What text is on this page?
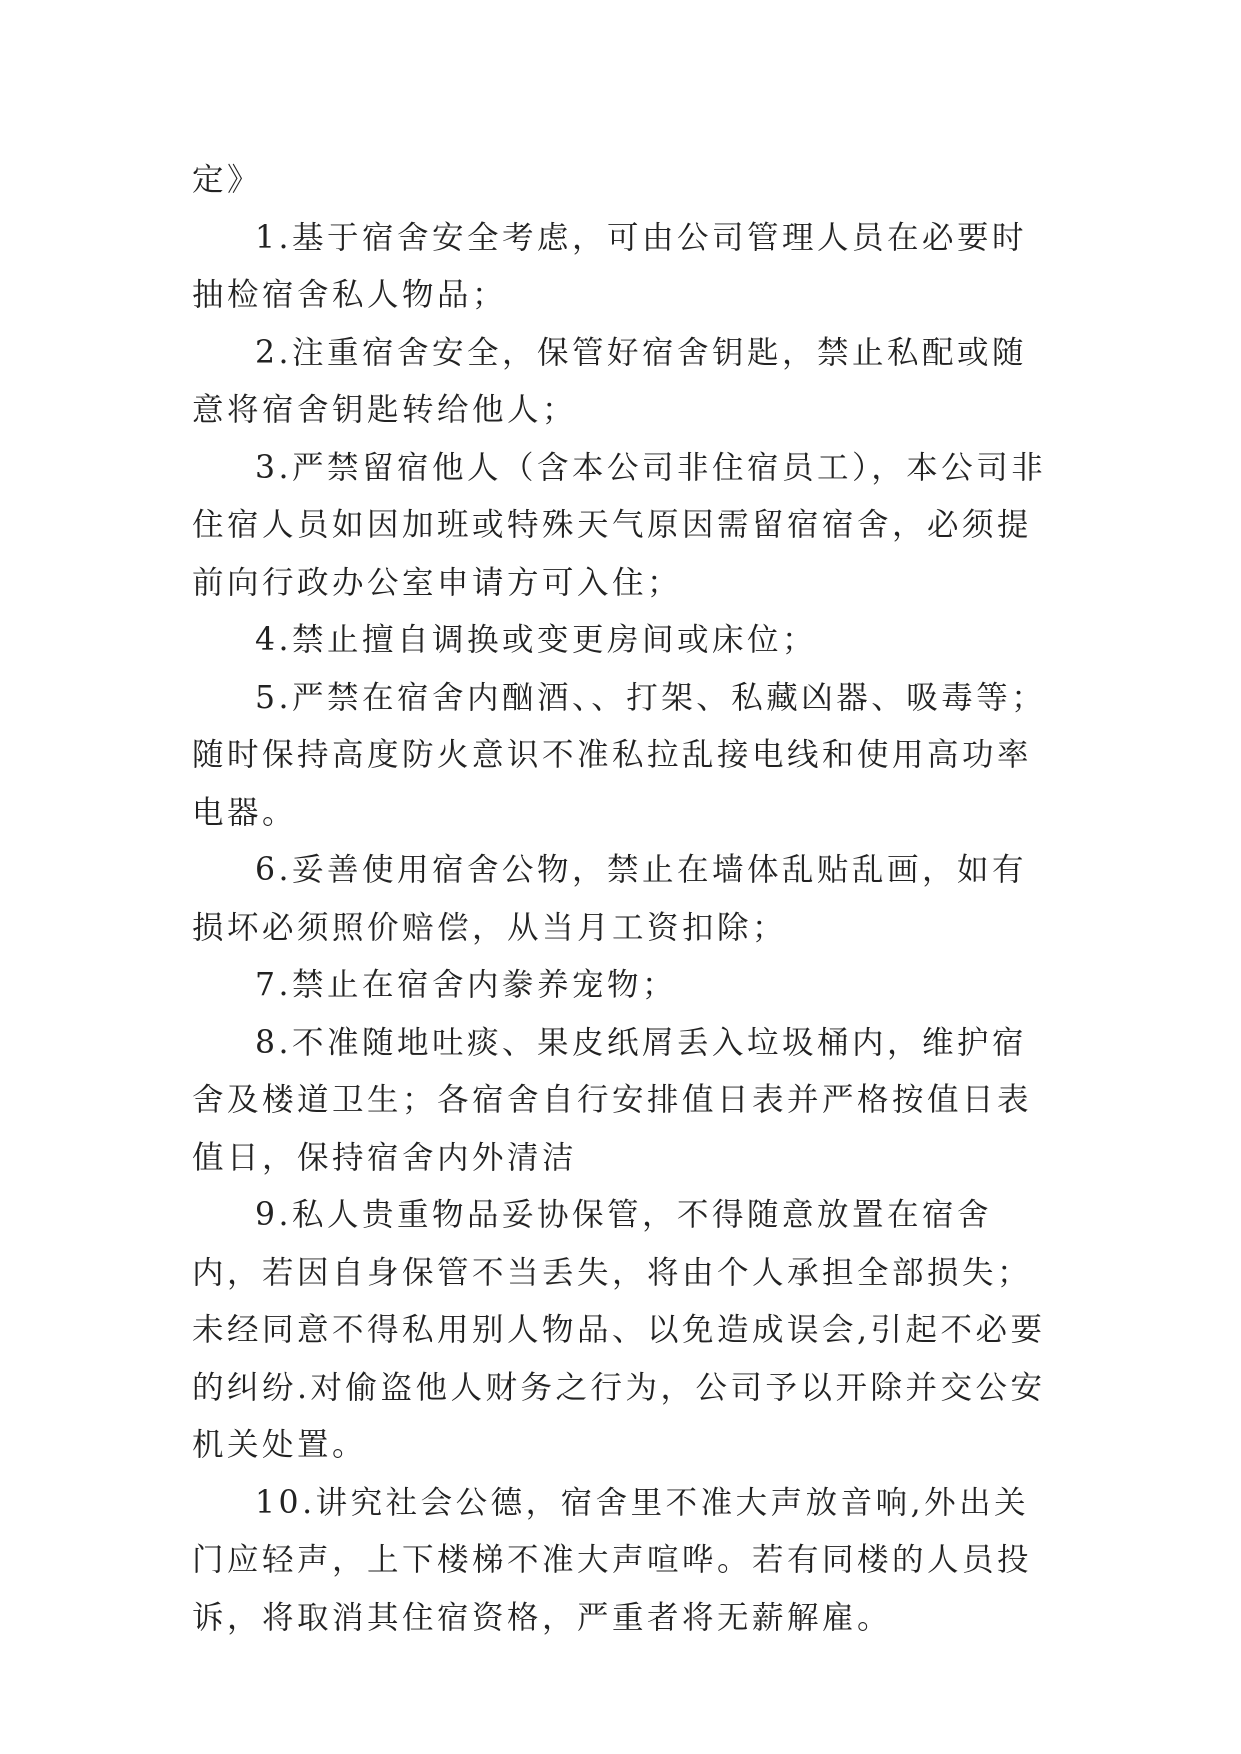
定》

1.基于宿舍安全考虑，可由公司管理人员在必要时抽检宿舍私人物品；

2.注重宿舍安全，保管好宿舍钥匙，禁止私配或随意将宿舍钥匙转给他人；

3.严禁留宿他人（含本公司非住宿员工），本公司非住宿人员如因加班或特殊天气原因需留宿宿舍，必须提前向行政办公室申请方可入住；

4.禁止擅自调换或变更房间或床位；

5.严禁在宿舍内酗酒、、打架、私藏凶器、吸毒等；随时保持高度防火意识不准私拉乱接电线和使用高功率电器。

6.妥善使用宿舍公物，禁止在墙体乱贴乱画，如有损坏必须照价赔偿，从当月工资扣除；

7.禁止在宿舍内豢养宠物；

8.不准随地吐痰、果皮纸屑丢入垃圾桶内，维护宿舍及楼道卫生；各宿舍自行安排值日表并严格按值日表值日，保持宿舍内外清洁

9.私人贵重物品妥协保管，不得随意放置在宿舍内，若因自身保管不当丢失，将由个人承担全部损失；未经同意不得私用别人物品、以免造成误会,引起不必要的纠纷.对偷盗他人财务之行为，公司予以开除并交公安机关处置。

10.讲究社会公德，宿舍里不准大声放音响,外出关门应轻声，上下楼梯不准大声喧哗。若有同楼的人员投诉，将取消其住宿资格，严重者将无薪解雇。
